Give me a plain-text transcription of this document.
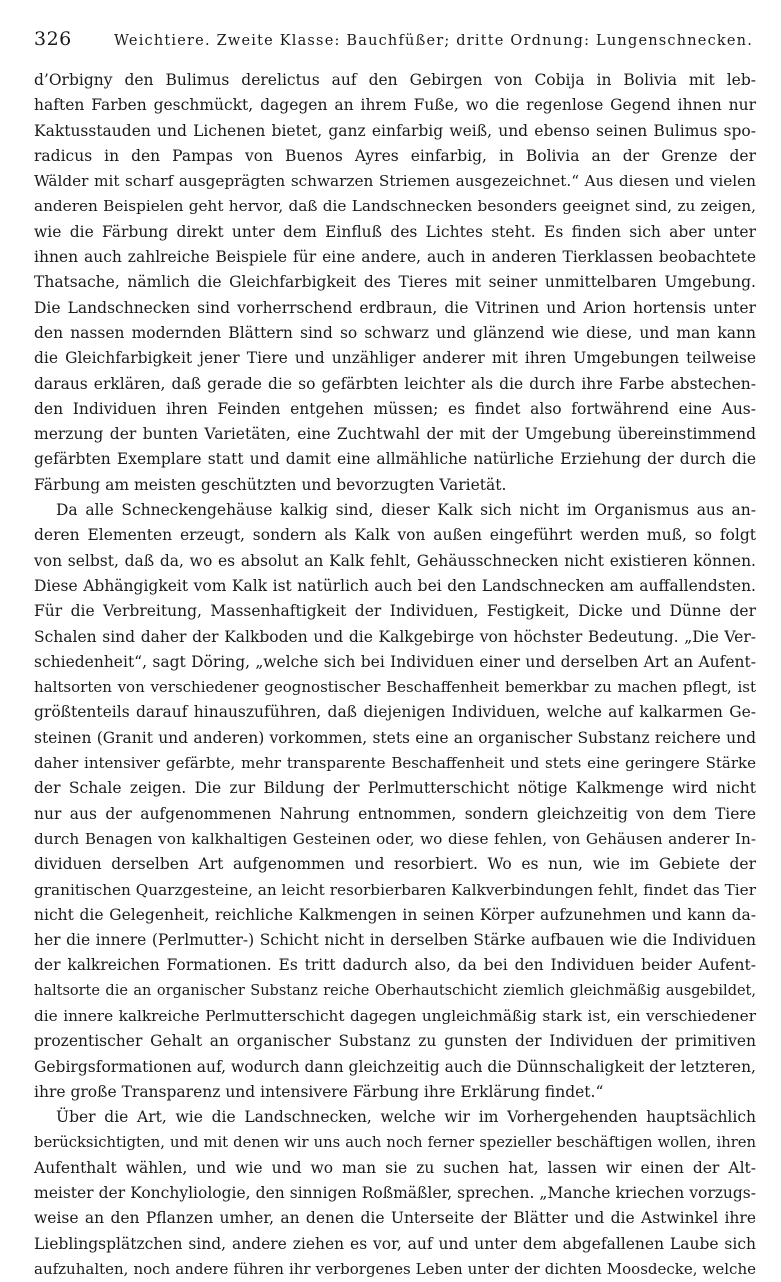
326	Weichtiere. Zweite Klasse: Bauchfüßer; dritte Ordnung: Lungenschnecken.
d’Orbigny den Bulimus derelictus auf den Gebirgen von Cobija in Bolivia mit leb-
haften Farben geschmückt, dagegen an ihrem Fuße, wo die regenlose Gegend ihnen nur
Kaktusstauden und Lichenen bietet, ganz einfarbig weiß, und ebenso seinen Bulimus spo-
radicus in den Pampas von Buenos Ayres einfarbig, in Bolivia an der Grenze der
Wälder mit scharf ausgeprägten schwarzen Striemen ausgezeichnet.“ Aus diesen und vielen
anderen Beispielen geht hervor, daß die Landschnecken besonders geeignet sind, zu zeigen,
wie die Färbung direkt unter dem Einfluß des Lichtes steht. Es finden sich aber unter
ihnen auch zahlreiche Beispiele für eine andere, auch in anderen Tierklassen beobachtete
Thatsache, nämlich die Gleichfarbigkeit des Tieres mit seiner unmittelbaren Umgebung.
Die Landschnecken sind vorherrschend erdbraun, die Vitrinen und Arion hortensis unter
den nassen modernden Blättern sind so schwarz und glänzend wie diese, und man kann
die Gleichfarbigkeit jener Tiere und unzähliger anderer mit ihren Umgebungen teilweise
daraus erklären, daß gerade die so gefärbten leichter als die durch ihre Farbe abstechen-
den Individuen ihren Feinden entgehen müssen; es findet also fortwährend eine Aus-
merzung der bunten Varietäten, eine Zuchtwahl der mit der Umgebung übereinstimmend
gefärbten Exemplare statt und damit eine allmähliche natürliche Erziehung der durch die
Färbung am meisten geschützten und bevorzugten Varietät.
Da alle Schneckengehäuse kalkig sind, dieser Kalk sich nicht im Organismus aus an-
deren Elementen erzeugt, sondern als Kalk von außen eingeführt werden muß, so folgt
von selbst, daß da, wo es absolut an Kalk fehlt, Gehäusschnecken nicht existieren können.
Diese Abhängigkeit vom Kalk ist natürlich auch bei den Landschnecken am auffallendsten.
Für die Verbreitung, Massenhaftigkeit der Individuen, Festigkeit, Dicke und Dünne der
Schalen sind daher der Kalkboden und die Kalkgebirge von höchster Bedeutung. „Die Ver-
schiedenheit“, sagt Döring, „welche sich bei Individuen einer und derselben Art an Aufent-
haltsorten von verschiedener geognostischer Beschaffenheit bemerkbar zu machen pflegt, ist
größtenteils darauf hinauszuführen, daß diejenigen Individuen, welche auf kalkarmen Ge-
steinen (Granit und anderen) vorkommen, stets eine an organischer Substanz reichere und
daher intensiver gefärbte, mehr transparente Beschaffenheit und stets eine geringere Stärke
der Schale zeigen. Die zur Bildung der Perlmutterschicht nötige Kalkmenge wird nicht
nur aus der aufgenommenen Nahrung entnommen, sondern gleichzeitig von dem Tiere
durch Benagen von kalkhaltigen Gesteinen oder, wo diese fehlen, von Gehäusen anderer In-
dividuen derselben Art aufgenommen und resorbiert. Wo es nun, wie im Gebiete der
granitischen Quarzgesteine, an leicht resorbierbaren Kalkverbindungen fehlt, findet das Tier
nicht die Gelegenheit, reichliche Kalkmengen in seinen Körper aufzunehmen und kann da-
her die innere (Perlmutter-) Schicht nicht in derselben Stärke aufbauen wie die Individuen
der kalkreichen Formationen. Es tritt dadurch also, da bei den Individuen beider Aufent-
haltsorte die an organischer Substanz reiche Oberhautschicht ziemlich gleichmäßig ausgebildet,
die innere kalkreiche Perlmutterschicht dagegen ungleichmäßig stark ist, ein verschiedener
prozentischer Gehalt an organischer Substanz zu gunsten der Individuen der primitiven
Gebirgsformationen auf, wodurch dann gleichzeitig auch die Dünnschaligkeit der letzteren,
ihre große Transparenz und intensivere Färbung ihre Erklärung findet.“
Über die Art, wie die Landschnecken, welche wir im Vorhergehenden hauptsächlich
berücksichtigten, und mit denen wir uns auch noch ferner spezieller beschäftigen wollen, ihren
Aufenthalt wählen, und wie und wo man sie zu suchen hat, lassen wir einen der Alt-
meister der Konchyliologie, den sinnigen Roßmäßler, sprechen. „Manche kriechen vorzugs-
weise an den Pflanzen umher, an denen die Unterseite der Blätter und die Astwinkel ihre
Lieblingsplätzchen sind, andere ziehen es vor, auf und unter dem abgefallenen Laube sich
aufzuhalten, noch andere führen ihr verborgenes Leben unter der dichten Moosdecke, welche
